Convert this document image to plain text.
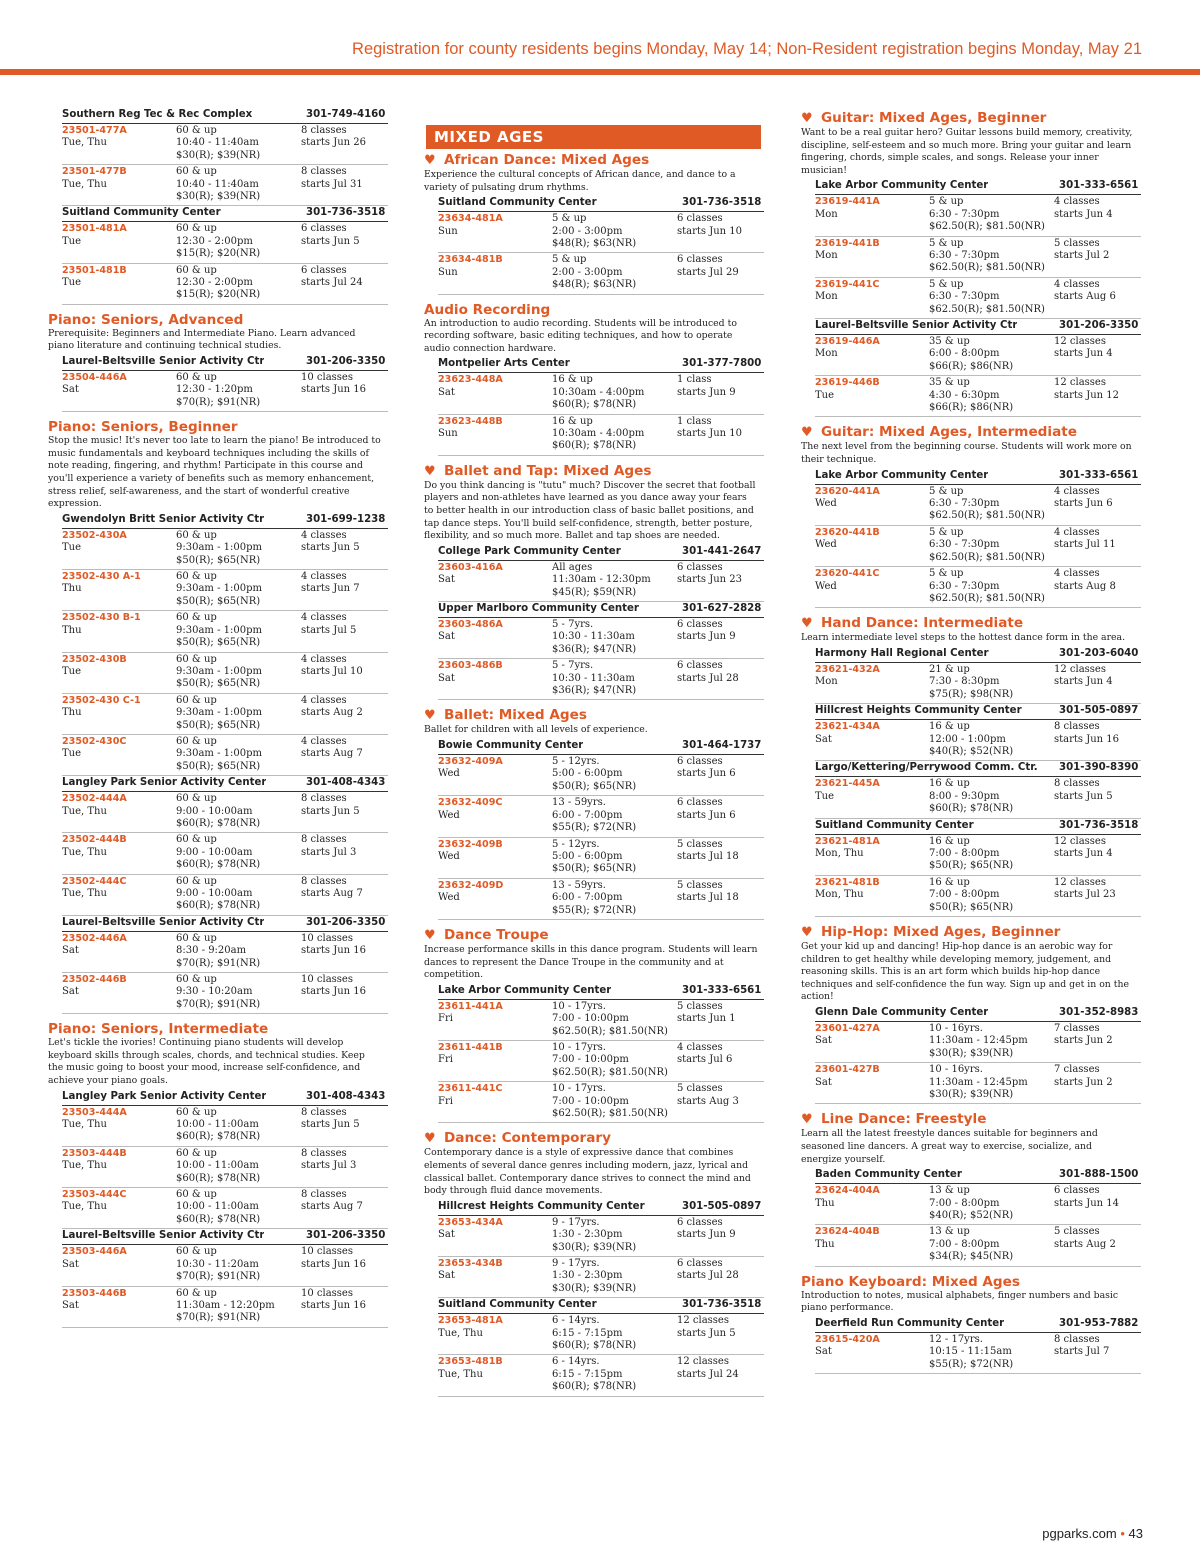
Registration for county residents begins Monday, May 14; Non-Resident registration begins Monday, May 21
Southern Reg Tec & Rec Complex	301-749-4160
23501-477A
Tue, Thu
60 & up
10:40 - 11:40am
$30(R); $39(NR)
8 classes
starts Jun 26
23501-477B
Tue, Thu
60 & up
10:40 - 11:40am
$30(R); $39(NR)
8 classes
starts Jul 31
Suitland Community Center	301-736-3518
23501-481A
Tue
60 & up
12:30 - 2:00pm
$15(R); $20(NR)
6 classes
starts Jun 5
23501-481B
Tue
60 & up
12:30 - 2:00pm
$15(R); $20(NR)
6 classes
starts Jul 24
Piano: Seniors, Advanced
Prerequisite: Beginners and Intermediate Piano. Learn advanced piano literature and continuing technical studies.
Laurel-Beltsville Senior Activity Ctr	301-206-3350
23504-446A
Sat
60 & up
12:30 - 1:20pm
$70(R); $91(NR)
10 classes
starts Jun 16
Piano: Seniors, Beginner
Stop the music! It's never too late to learn the piano! Be introduced to music fundamentals and keyboard techniques including the skills of note reading, fingering, and rhythm! Participate in this course and you'll experience a variety of benefits such as memory enhancement, stress relief, self-awareness, and the start of wonderful creative expression.
Gwendolyn Britt Senior Activity Ctr	301-699-1238
23502-430A
Tue
60 & up
9:30am - 1:00pm
$50(R); $65(NR)
4 classes
starts Jun 5
23502-430 A-1
Thu
60 & up
9:30am - 1:00pm
$50(R); $65(NR)
4 classes
starts Jun 7
23502-430 B-1
Thu
60 & up
9:30am - 1:00pm
$50(R); $65(NR)
4 classes
starts Jul 5
23502-430B
Tue
60 & up
9:30am - 1:00pm
$50(R); $65(NR)
4 classes
starts Jul 10
23502-430 C-1
Thu
60 & up
9:30am - 1:00pm
$50(R); $65(NR)
4 classes
starts Aug 2
23502-430C
Tue
60 & up
9:30am - 1:00pm
$50(R); $65(NR)
4 classes
starts Aug 7
Langley Park Senior Activity Center	301-408-4343
23502-444A
Tue, Thu
60 & up
9:00 - 10:00am
$60(R); $78(NR)
8 classes
starts Jun 5
23502-444B
Tue, Thu
60 & up
9:00 - 10:00am
$60(R); $78(NR)
8 classes
starts Jul 3
23502-444C
Tue, Thu
60 & up
9:00 - 10:00am
$60(R); $78(NR)
8 classes
starts Aug 7
Laurel-Beltsville Senior Activity Ctr	301-206-3350
23502-446A
Sat
60 & up
8:30 - 9:20am
$70(R); $91(NR)
10 classes
starts Jun 16
23502-446B
Sat
60 & up
9:30 - 10:20am
$70(R); $91(NR)
10 classes
starts Jun 16
Piano: Seniors, Intermediate
Let's tickle the ivories! Continuing piano students will develop keyboard skills through scales, chords, and technical studies. Keep the music going to boost your mood, increase self-confidence, and achieve your piano goals.
Langley Park Senior Activity Center	301-408-4343
23503-444A
Tue, Thu
60 & up
10:00 - 11:00am
$60(R); $78(NR)
8 classes
starts Jun 5
23503-444B
Tue, Thu
60 & up
10:00 - 11:00am
$60(R); $78(NR)
8 classes
starts Jul 3
23503-444C
Tue, Thu
60 & up
10:00 - 11:00am
$60(R); $78(NR)
8 classes
starts Aug 7
Laurel-Beltsville Senior Activity Ctr	301-206-3350
23503-446A
Sat
60 & up
10:30 - 11:20am
$70(R); $91(NR)
10 classes
starts Jun 16
23503-446B
Sat
60 & up
11:30am - 12:20pm
$70(R); $91(NR)
10 classes
starts Jun 16
MIXED AGES
♥ African Dance: Mixed Ages
Experience the cultural concepts of African dance, and dance to a variety of pulsating drum rhythms.
Suitland Community Center	301-736-3518
23634-481A
Sun
5 & up
2:00 - 3:00pm
$48(R); $63(NR)
6 classes
starts Jun 10
23634-481B
Sun
5 & up
2:00 - 3:00pm
$48(R); $63(NR)
6 classes
starts Jul 29
Audio Recording
An introduction to audio recording. Students will be introduced to recording software, basic editing techniques, and how to operate audio connection hardware.
Montpelier Arts Center	301-377-7800
23623-448A
Sat
16 & up
10:30am - 4:00pm
$60(R); $78(NR)
1 class
starts Jun 9
23623-448B
Sun
16 & up
10:30am - 4:00pm
$60(R); $78(NR)
1 class
starts Jun 10
♥ Ballet and Tap: Mixed Ages
Do you think dancing is "tutu" much? Discover the secret that football players and non-athletes have learned as you dance away your fears to better health in our introduction class of basic ballet positions, and tap dance steps. You'll build self-confidence, strength, better posture, flexibility, and so much more. Ballet and tap shoes are needed.
College Park Community Center	301-441-2647
23603-416A
Sat
All ages
11:30am - 12:30pm
$45(R); $59(NR)
6 classes
starts Jun 23
Upper Marlboro Community Center	301-627-2828
23603-486A
Sat
5 - 7yrs.
10:30 - 11:30am
$36(R); $47(NR)
6 classes
starts Jun 9
23603-486B
Sat
5 - 7yrs.
10:30 - 11:30am
$36(R); $47(NR)
6 classes
starts Jul 28
♥ Ballet: Mixed Ages
Ballet for children with all levels of experience.
Bowie Community Center	301-464-1737
23632-409A
Wed
5 - 12yrs.
5:00 - 6:00pm
$50(R); $65(NR)
6 classes
starts Jun 6
23632-409C
Wed
13 - 59yrs.
6:00 - 7:00pm
$55(R); $72(NR)
6 classes
starts Jun 6
23632-409B
Wed
5 - 12yrs.
5:00 - 6:00pm
$50(R); $65(NR)
5 classes
starts Jul 18
23632-409D
Wed
13 - 59yrs.
6:00 - 7:00pm
$55(R); $72(NR)
5 classes
starts Jul 18
♥ Dance Troupe
Increase performance skills in this dance program. Students will learn dances to represent the Dance Troupe in the community and at competition.
Lake Arbor Community Center	301-333-6561
23611-441A
Fri
10 - 17yrs.
7:00 - 10:00pm
$62.50(R); $81.50(NR)
5 classes
starts Jun 1
23611-441B
Fri
10 - 17yrs.
7:00 - 10:00pm
$62.50(R); $81.50(NR)
4 classes
starts Jul 6
23611-441C
Fri
10 - 17yrs.
7:00 - 10:00pm
$62.50(R); $81.50(NR)
5 classes
starts Aug 3
♥ Dance: Contemporary
Contemporary dance is a style of expressive dance that combines elements of several dance genres including modern, jazz, lyrical and classical ballet. Contemporary dance strives to connect the mind and body through fluid dance movements.
Hillcrest Heights Community Center	301-505-0897
23653-434A
Sat
9 - 17yrs.
1:30 - 2:30pm
$30(R); $39(NR)
6 classes
starts Jun 9
23653-434B
Sat
9 - 17yrs.
1:30 - 2:30pm
$30(R); $39(NR)
6 classes
starts Jul 28
Suitland Community Center	301-736-3518
23653-481A
Tue, Thu
6 - 14yrs.
6:15 - 7:15pm
$60(R); $78(NR)
12 classes
starts Jun 5
23653-481B
Tue, Thu
6 - 14yrs.
6:15 - 7:15pm
$60(R); $78(NR)
12 classes
starts Jul 24
♥ Guitar: Mixed Ages, Beginner
Want to be a real guitar hero? Guitar lessons build memory, creativity, discipline, self-esteem and so much more. Bring your guitar and learn fingering, chords, simple scales, and songs. Release your inner musician!
Lake Arbor Community Center	301-333-6561
23619-441A
Mon
5 & up
6:30 - 7:30pm
$62.50(R); $81.50(NR)
4 classes
starts Jun 4
23619-441B
Mon
5 & up
6:30 - 7:30pm
$62.50(R); $81.50(NR)
5 classes
starts Jul 2
23619-441C
Mon
5 & up
6:30 - 7:30pm
$62.50(R); $81.50(NR)
4 classes
starts Aug 6
Laurel-Beltsville Senior Activity Ctr	301-206-3350
23619-446A
Mon
35 & up
6:00 - 8:00pm
$66(R); $86(NR)
12 classes
starts Jun 4
23619-446B
Tue
35 & up
4:30 - 6:30pm
$66(R); $86(NR)
12 classes
starts Jun 12
♥ Guitar: Mixed Ages, Intermediate
The next level from the beginning course. Students will work more on their technique.
Lake Arbor Community Center	301-333-6561
23620-441A
Wed
5 & up
6:30 - 7:30pm
$62.50(R); $81.50(NR)
4 classes
starts Jun 6
23620-441B
Wed
5 & up
6:30 - 7:30pm
$62.50(R); $81.50(NR)
4 classes
starts Jul 11
23620-441C
Wed
5 & up
6:30 - 7:30pm
$62.50(R); $81.50(NR)
4 classes
starts Aug 8
♥ Hand Dance: Intermediate
Learn intermediate level steps to the hottest dance form in the area.
Harmony Hall Regional Center	301-203-6040
23621-432A
Mon
21 & up
7:30 - 8:30pm
$75(R); $98(NR)
12 classes
starts Jun 4
Hillcrest Heights Community Center	301-505-0897
23621-434A
Sat
16 & up
12:00 - 1:00pm
$40(R); $52(NR)
8 classes
starts Jun 16
Largo/Kettering/Perrywood Comm. Ctr. 301-390-8390
23621-445A
Tue
16 & up
8:00 - 9:30pm
$60(R); $78(NR)
8 classes
starts Jun 5
Suitland Community Center	301-736-3518
23621-481A
Mon, Thu
16 & up
7:00 - 8:00pm
$50(R); $65(NR)
12 classes
starts Jun 4
23621-481B
Mon, Thu
16 & up
7:00 - 8:00pm
$50(R); $65(NR)
12 classes
starts Jul 23
♥ Hip-Hop: Mixed Ages, Beginner
Get your kid up and dancing! Hip-hop dance is an aerobic way for children to get healthy while developing memory, judgement, and reasoning skills. This is an art form which builds hip-hop dance techniques and self-confidence the fun way. Sign up and get in on the action!
Glenn Dale Community Center	301-352-8983
23601-427A
Sat
10 - 16yrs.
11:30am - 12:45pm
$30(R); $39(NR)
7 classes
starts Jun 2
23601-427B
Sat
10 - 16yrs.
11:30am - 12:45pm
$30(R); $39(NR)
7 classes
starts Jun 2
♥ Line Dance: Freestyle
Learn all the latest freestyle dances suitable for beginners and seasoned line dancers. A great way to exercise, socialize, and energize yourself.
Baden Community Center	301-888-1500
23624-404A
Thu
13 & up
7:00 - 8:00pm
$40(R); $52(NR)
6 classes
starts Jun 14
23624-404B
Thu
13 & up
7:00 - 8:00pm
$34(R); $45(NR)
5 classes
starts Aug 2
Piano Keyboard: Mixed Ages
Introduction to notes, musical alphabets, finger numbers and basic piano performance.
Deerfield Run Community Center	301-953-7882
23615-420A
Sat
12 - 17yrs.
10:15 - 11:15am
$55(R); $72(NR)
8 classes
starts Jul 7
pgparks.com • 43
